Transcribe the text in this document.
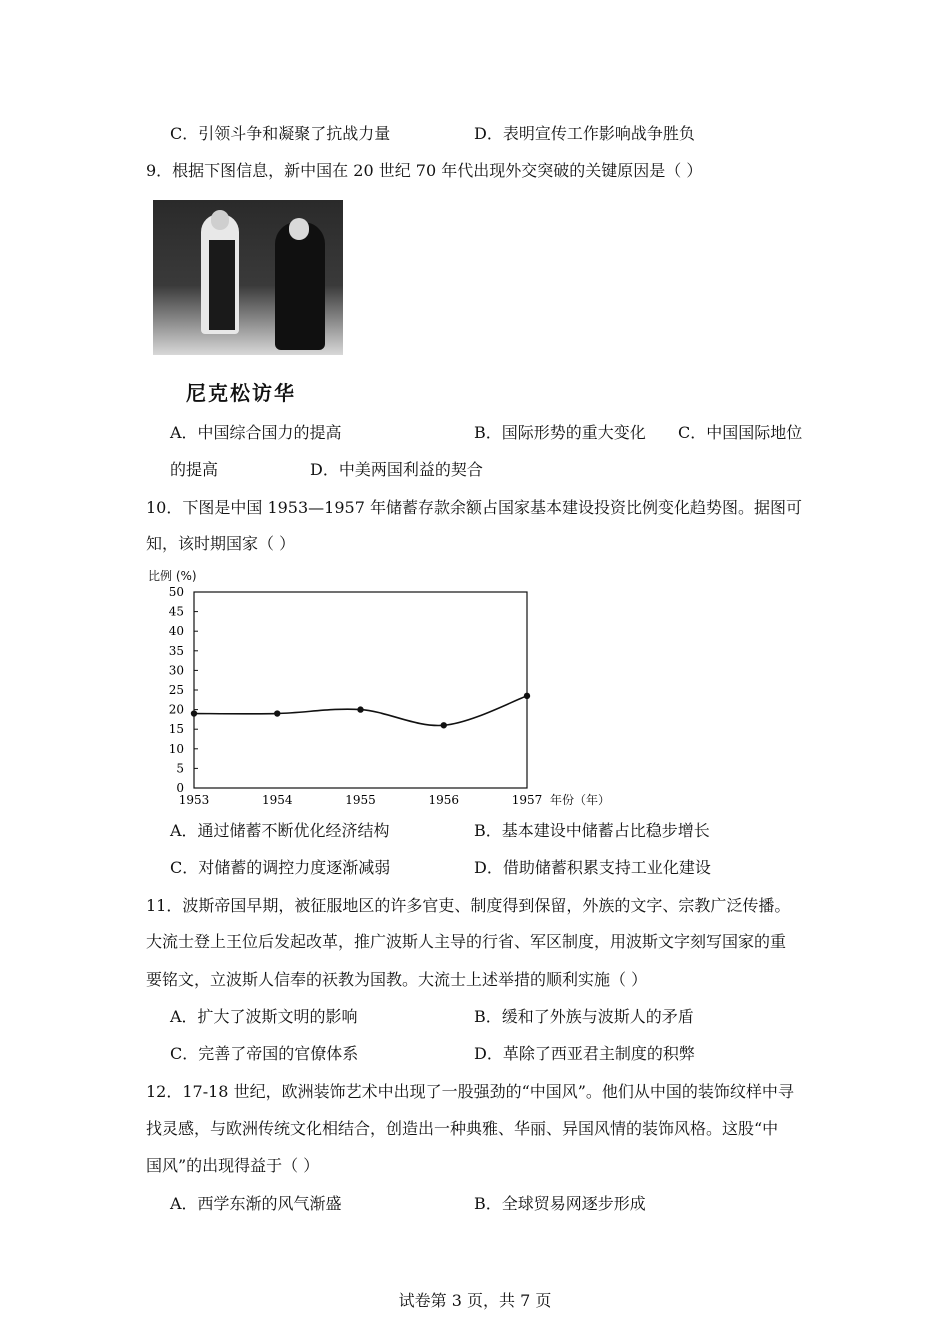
C．引领斗争和凝聚了抗战力量	D．表明宣传工作影响战争胜负
9．根据下图信息，新中国在 20 世纪 70 年代出现外交突破的关键原因是（ ）
尼克松访华
A．中国综合国力的提高	B．国际形势的重大变化 C．中国国际地位
的提高	D．中美两国利益的契合
10．下图是中国 1953—1957 年储蓄存款余额占国家基本建设投资比例变化趋势图。据图可
知，该时期国家（ ）
比例 (%)
0
5
10
15
20
25
30
35
40
45
50
1953	1954	1955	1956	1957 年份（年）
A．通过储蓄不断优化经济结构	B．基本建设中储蓄占比稳步增长
C．对储蓄的调控力度逐渐减弱	D．借助储蓄积累支持工业化建设
11．波斯帝国早期，被征服地区的许多官吏、制度得到保留，外族的文字、宗教广泛传播。
大流士登上王位后发起改革，推广波斯人主导的行省、军区制度，用波斯文字刻写国家的重
要铭文，立波斯人信奉的祆教为国教。大流士上述举措的顺利实施（ ）
A．扩大了波斯文明的影响	B．缓和了外族与波斯人的矛盾
C．完善了帝国的官僚体系	D．革除了西亚君主制度的积弊
12．17-18 世纪，欧洲装饰艺术中出现了一股强劲的“中国风”。他们从中国的装饰纹样中寻
找灵感，与欧洲传统文化相结合，创造出一种典雅、华丽、异国风情的装饰风格。这股“中
国风”的出现得益于（ ）
A．西学东渐的风气渐盛	B．全球贸易网逐步形成
试卷第 3 页，共 7 页
